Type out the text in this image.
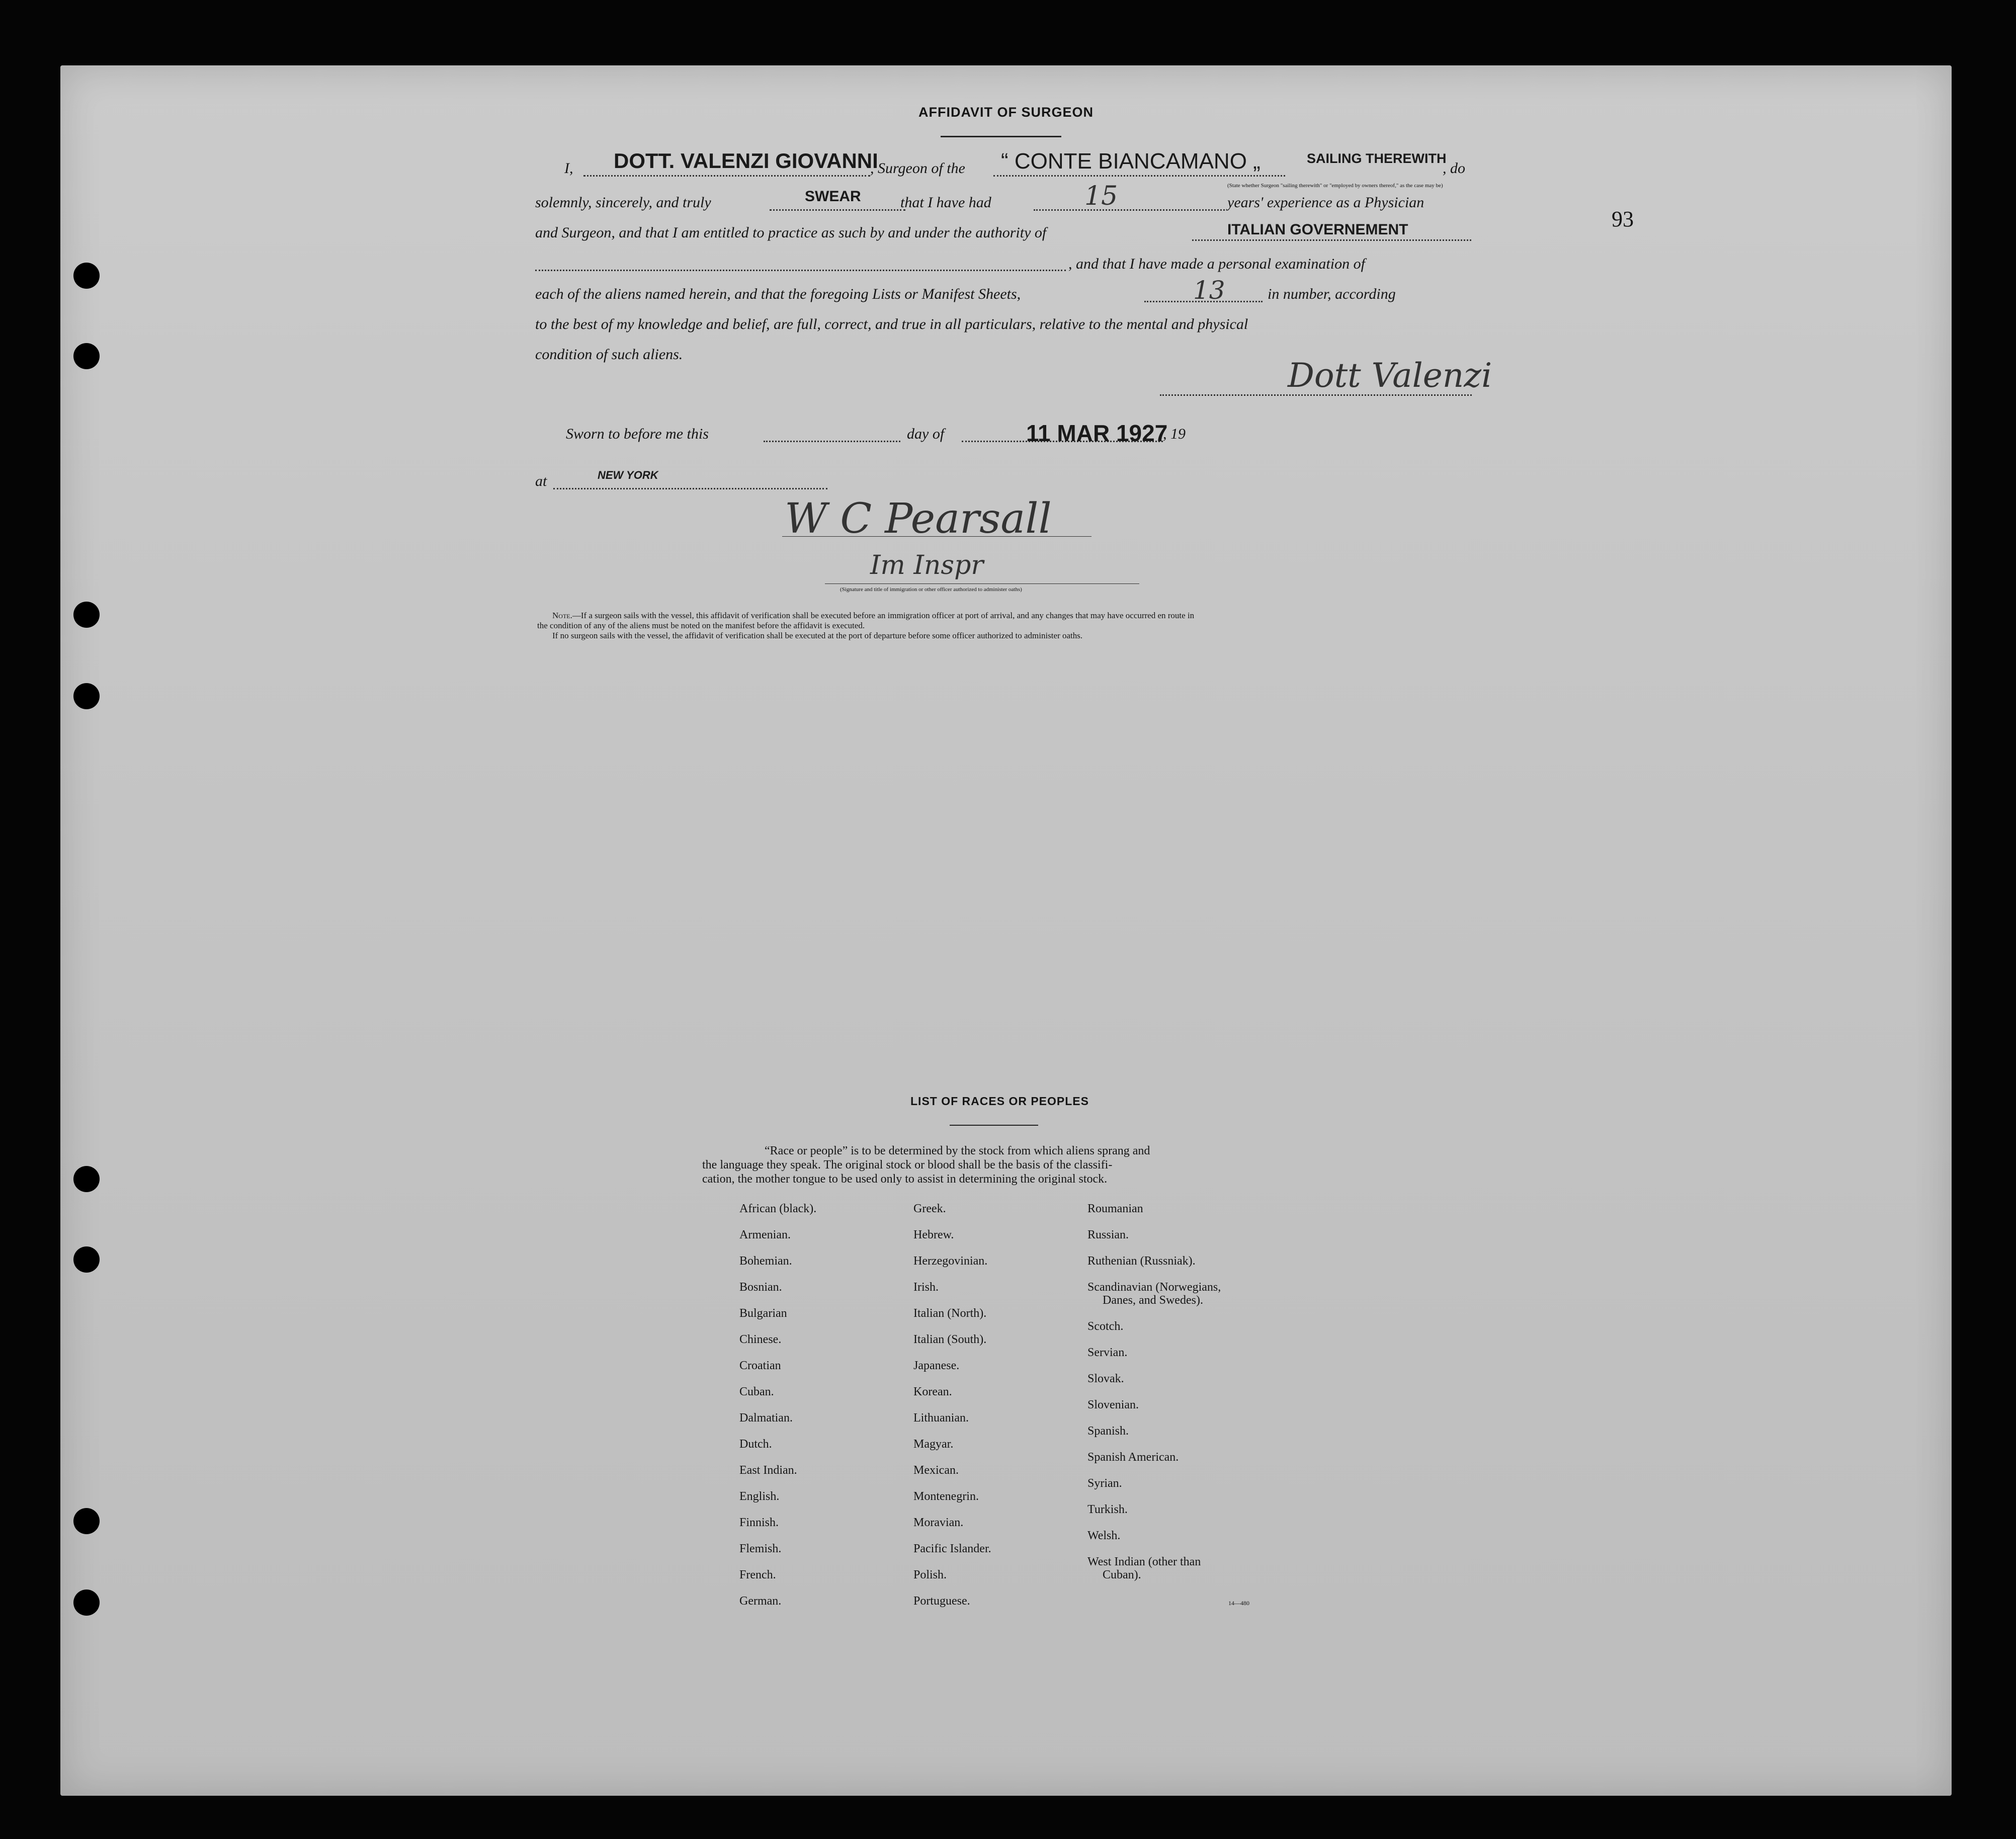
93
AFFIDAVIT OF SURGEON
I, DOTT. VALENZI GIOVANNI
, Surgeon of the “ CONTE BIANCAMANO „	SAILING THEREWITH
, do
(State whether Surgeon "sailing therewith" or "employed by owners thereof," as the case may be)
solemnly, sincerely, and truly	SWEAR	that I have had	15	years' experience as a Physician
and Surgeon, and that I am entitled to practice as such by and under the authority of	ITALIAN GOVERNEMENT
, and that I have made a personal examination of
each of the aliens named herein, and that the foregoing Lists or Manifest Sheets,	13	in number, according
to the best of my knowledge and belief, are full, correct, and true in all particulars, relative to the mental and physical
condition of such aliens.
Dott Valenzi
Sworn to before me this	day of	11 MAR 1927
, 19
at	NEW YORK
W C Pearsall
Im Inspr
(Signature and title of immigration or other officer authorized to administer oaths)
Note.—If a surgeon sails with the vessel, this affidavit of verification shall be executed before an immigration officer at port of arrival, and any changes that may have occurred en route in
the condition of any of the aliens must be noted on the manifest before the affidavit is executed.
If no surgeon sails with the vessel, the affidavit of verification shall be executed at the port of departure before some officer authorized to administer oaths.
LIST OF RACES OR PEOPLES
“Race or people” is to be determined by the stock from which aliens sprang and
the language they speak. The original stock or blood shall be the basis of the classifi-
cation, the mother tongue to be used only to assist in determining the original stock.
African (black).
Armenian.
Bohemian.
Bosnian.
Bulgarian
Chinese.
Croatian
Cuban.
Dalmatian.
Dutch.
East Indian.
English.
Finnish.
Flemish.
French.
German.
Greek.
Hebrew.
Herzegovinian.
Irish.
Italian (North).
Italian (South).
Japanese.
Korean.
Lithuanian.
Magyar.
Mexican.
Montenegrin.
Moravian.
Pacific Islander.
Polish.
Portuguese.
Roumanian
Russian.
Ruthenian (Russniak).
Scandinavian (Norwegians,
Danes, and Swedes).
Scotch.
Servian.
Slovak.
Slovenian.
Spanish.
Spanish American.
Syrian.
Turkish.
Welsh.
West Indian (other than
Cuban).
14—480
